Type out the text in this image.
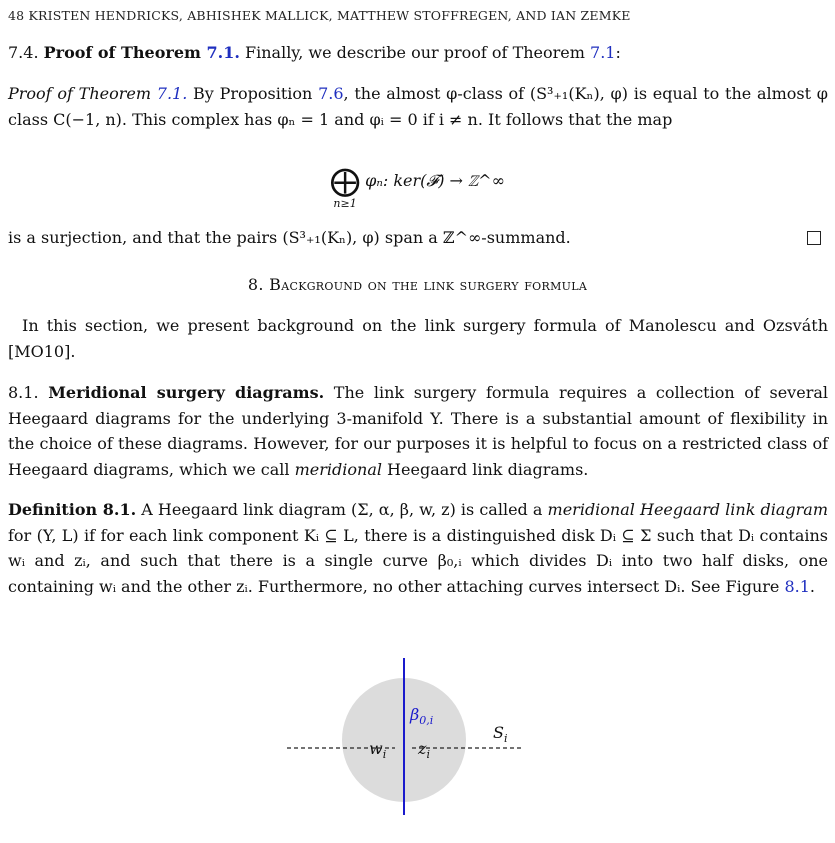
48 KRISTEN HENDRICKS, ABHISHEK MALLICK, MATTHEW STOFFREGEN, AND IAN ZEMKE
7.4. Proof of Theorem 7.1. Finally, we describe our proof of Theorem 7.1:
Proof of Theorem 7.1. By Proposition 7.6, the almost φ-class of (S³₊₁(Kₙ), φ) is equal to the almost φ class C(−1, n). This complex has φₙ = 1 and φᵢ = 0 if i ≠ n. It follows that the map
⨁
n≥1
φₙ: ker(𝓕) → ℤ^∞
is a surjection, and that the pairs (S³₊₁(Kₙ), φ) span a ℤ^∞-summand.
8. Background on the link surgery formula
In this section, we present background on the link surgery formula of Manolescu and Ozsváth [MO10].
8.1. Meridional surgery diagrams. The link surgery formula requires a collection of several Heegaard diagrams for the underlying 3-manifold Y. There is a substantial amount of flexibility in the choice of these diagrams. However, for our purposes it is helpful to focus on a restricted class of Heegaard diagrams, which we call meridional Heegaard link diagrams.
Definition 8.1. A Heegaard link diagram (Σ, α, β, w, z) is called a meridional Heegaard link diagram for (Y, L) if for each link component Kᵢ ⊆ L, there is a distinguished disk Dᵢ ⊆ Σ such that Dᵢ contains wᵢ and zᵢ, and such that there is a single curve β₀,ᵢ which divides Dᵢ into two half disks, one containing wᵢ and the other zᵢ. Furthermore, no other attaching curves intersect Dᵢ. See Figure 8.1.
$\beta_{0,i}$
$w_i$ $z_i$
$S_i$
